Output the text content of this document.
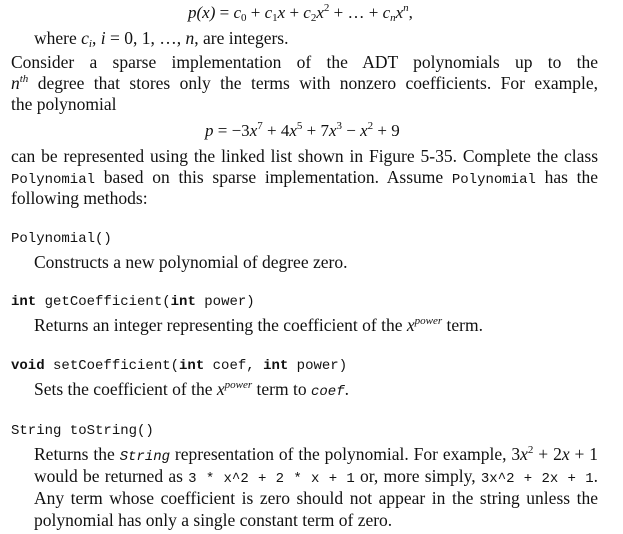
$p(x) = c_0 + c_1x + c_2x^2$ + … + $c_nx^n$,
where $c_i$, i = 0, 1, …, n, are integers.
Consider a sparse implementation of the ADT polynomials up to the
$n^{th}$ degree that stores only the terms with nonzero coefficients. For example,
the polynomial
$p = -3x^7 + 4x^5 + 7x^3 - x^2 + 9$
can be represented using the linked list shown in Figure 5-35. Complete the class
Polynomial based on this sparse implementation. Assume Polynomial has the
following methods:
Polynomial()
Constructs a new polynomial of degree zero.
int getCoefficient(int power)
Returns an integer representing the coefficient of the $x^{power}$ term.
void setCoefficient(int coef, int power)
Sets the coefficient of the $x^{power}$ term to coef.
String toString()
Returns the String representation of the polynomial. For example, $3x^2 + 2x + 1$
would be returned as 3 * x^2 + 2 * x + 1 or, more simply, 3x^2 + 2x + 1.
Any term whose coefficient is zero should not appear in the string unless the
polynomial has only a single constant term of zero.
